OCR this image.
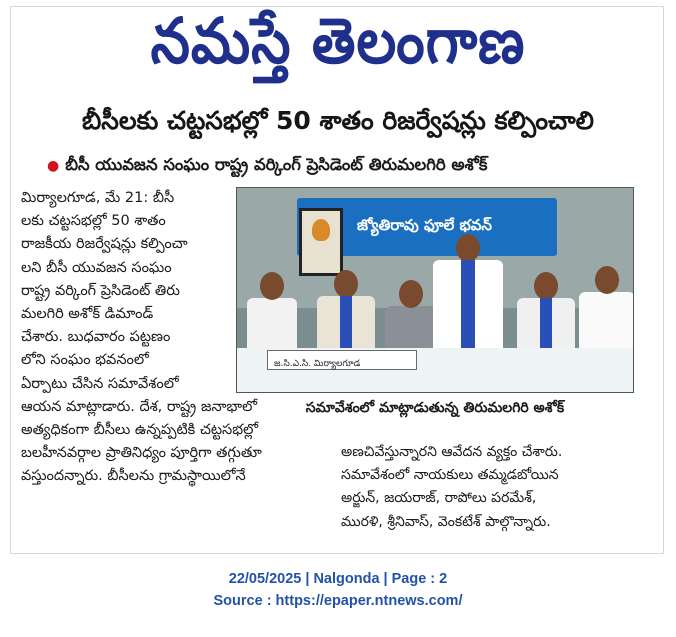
నమస్తే తెలంగాణ
బీసీలకు చట్టసభల్లో 50 శాతం రిజర్వేషన్లు కల్పించాలి
● బీసీ యువజన సంఘం రాష్ట్ర వర్కింగ్ ప్రెసిడెంట్ తిరుమలగిరి అశోక్

మిర్యాలగూడ, మే 21: బీసీ

లకు చట్టసభల్లో 50 శాతం

రాజకీయ రిజర్వేషన్లు కల్పించా

లని బీసీ యువజన సంఘం

రాష్ట్ర వర్కింగ్ ప్రెసిడెంట్ తిరు

మలగిరి అశోక్ డిమాండ్

చేశారు. బుధవారం పట్టణం

లోని సంఘం భవనంలో

ఏర్పాటు చేసిన సమావేశంలో

ఆయన మాట్లాడారు. దేశ, రాష్ట్ర జనాభాలో

అత్యధికంగా బీసీలు ఉన్నప్పటికి చట్టసభల్లో

బలహీనవర్గాల ప్రాతినిధ్యం పూర్తిగా తగ్గుతూ

వస్తుందన్నారు. బీసీలను గ్రామస్థాయిలోనే

జ్యోతిరావు ఫూలే భవన్
జ.సి.ఎ.సి. మిర్యాలగూడ
సమావేశంలో మాట్లాడుతున్న తిరుమలగిరి అశోక్

అణచివేస్తున్నారని ఆవేదన వ్యక్తం చేశారు.

సమావేశంలో నాయకులు తమ్మడబోయిన

అర్జున్, జయరాజ్, రాపోలు పరమేశ్,

మురళి, శ్రీనివాస్, వెంకటేశ్ పాల్గొన్నారు.

22/05/2025 | Nalgonda | Page : 2
Source : https://epaper.ntnews.com/
